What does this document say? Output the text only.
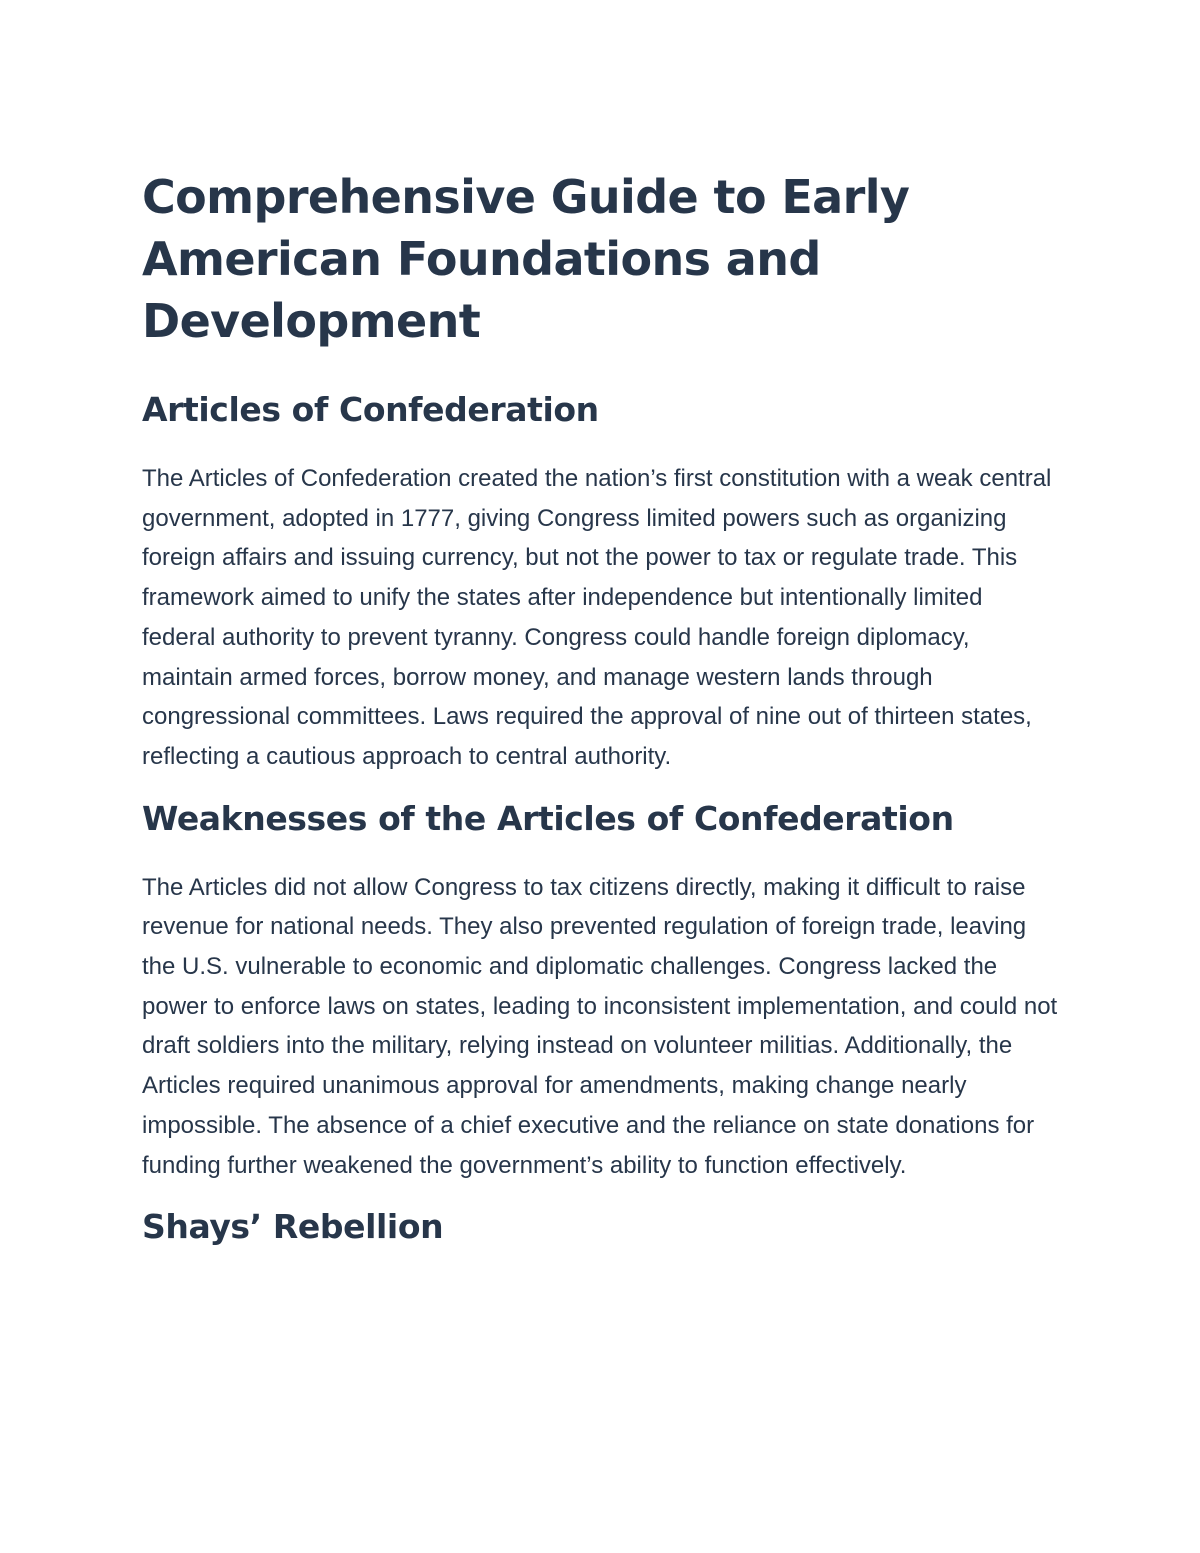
Comprehensive Guide to Early American Foundations and Development
Articles of Confederation

The Articles of Confederation created the nation’s first constitution with a weak central government, adopted in 1777, giving Congress limited powers such as organizing foreign affairs and issuing currency, but not the power to tax or regulate trade. This framework aimed to unify the states after independence but intentionally limited federal authority to prevent tyranny. Congress could handle foreign diplomacy, maintain armed forces, borrow money, and manage western lands through congressional committees. Laws required the approval of nine out of thirteen states, reflecting a cautious approach to central authority.

Weaknesses of the Articles of Confederation

The Articles did not allow Congress to tax citizens directly, making it difficult to raise revenue for national needs. They also prevented regulation of foreign trade, leaving the U.S. vulnerable to economic and diplomatic challenges. Congress lacked the power to enforce laws on states, leading to inconsistent implementation, and could not draft soldiers into the military, relying instead on volunteer militias. Additionally, the Articles required unanimous approval for amendments, making change nearly impossible. The absence of a chief executive and the reliance on state donations for funding further weakened the government’s ability to function effectively.

Shays’ Rebellion
